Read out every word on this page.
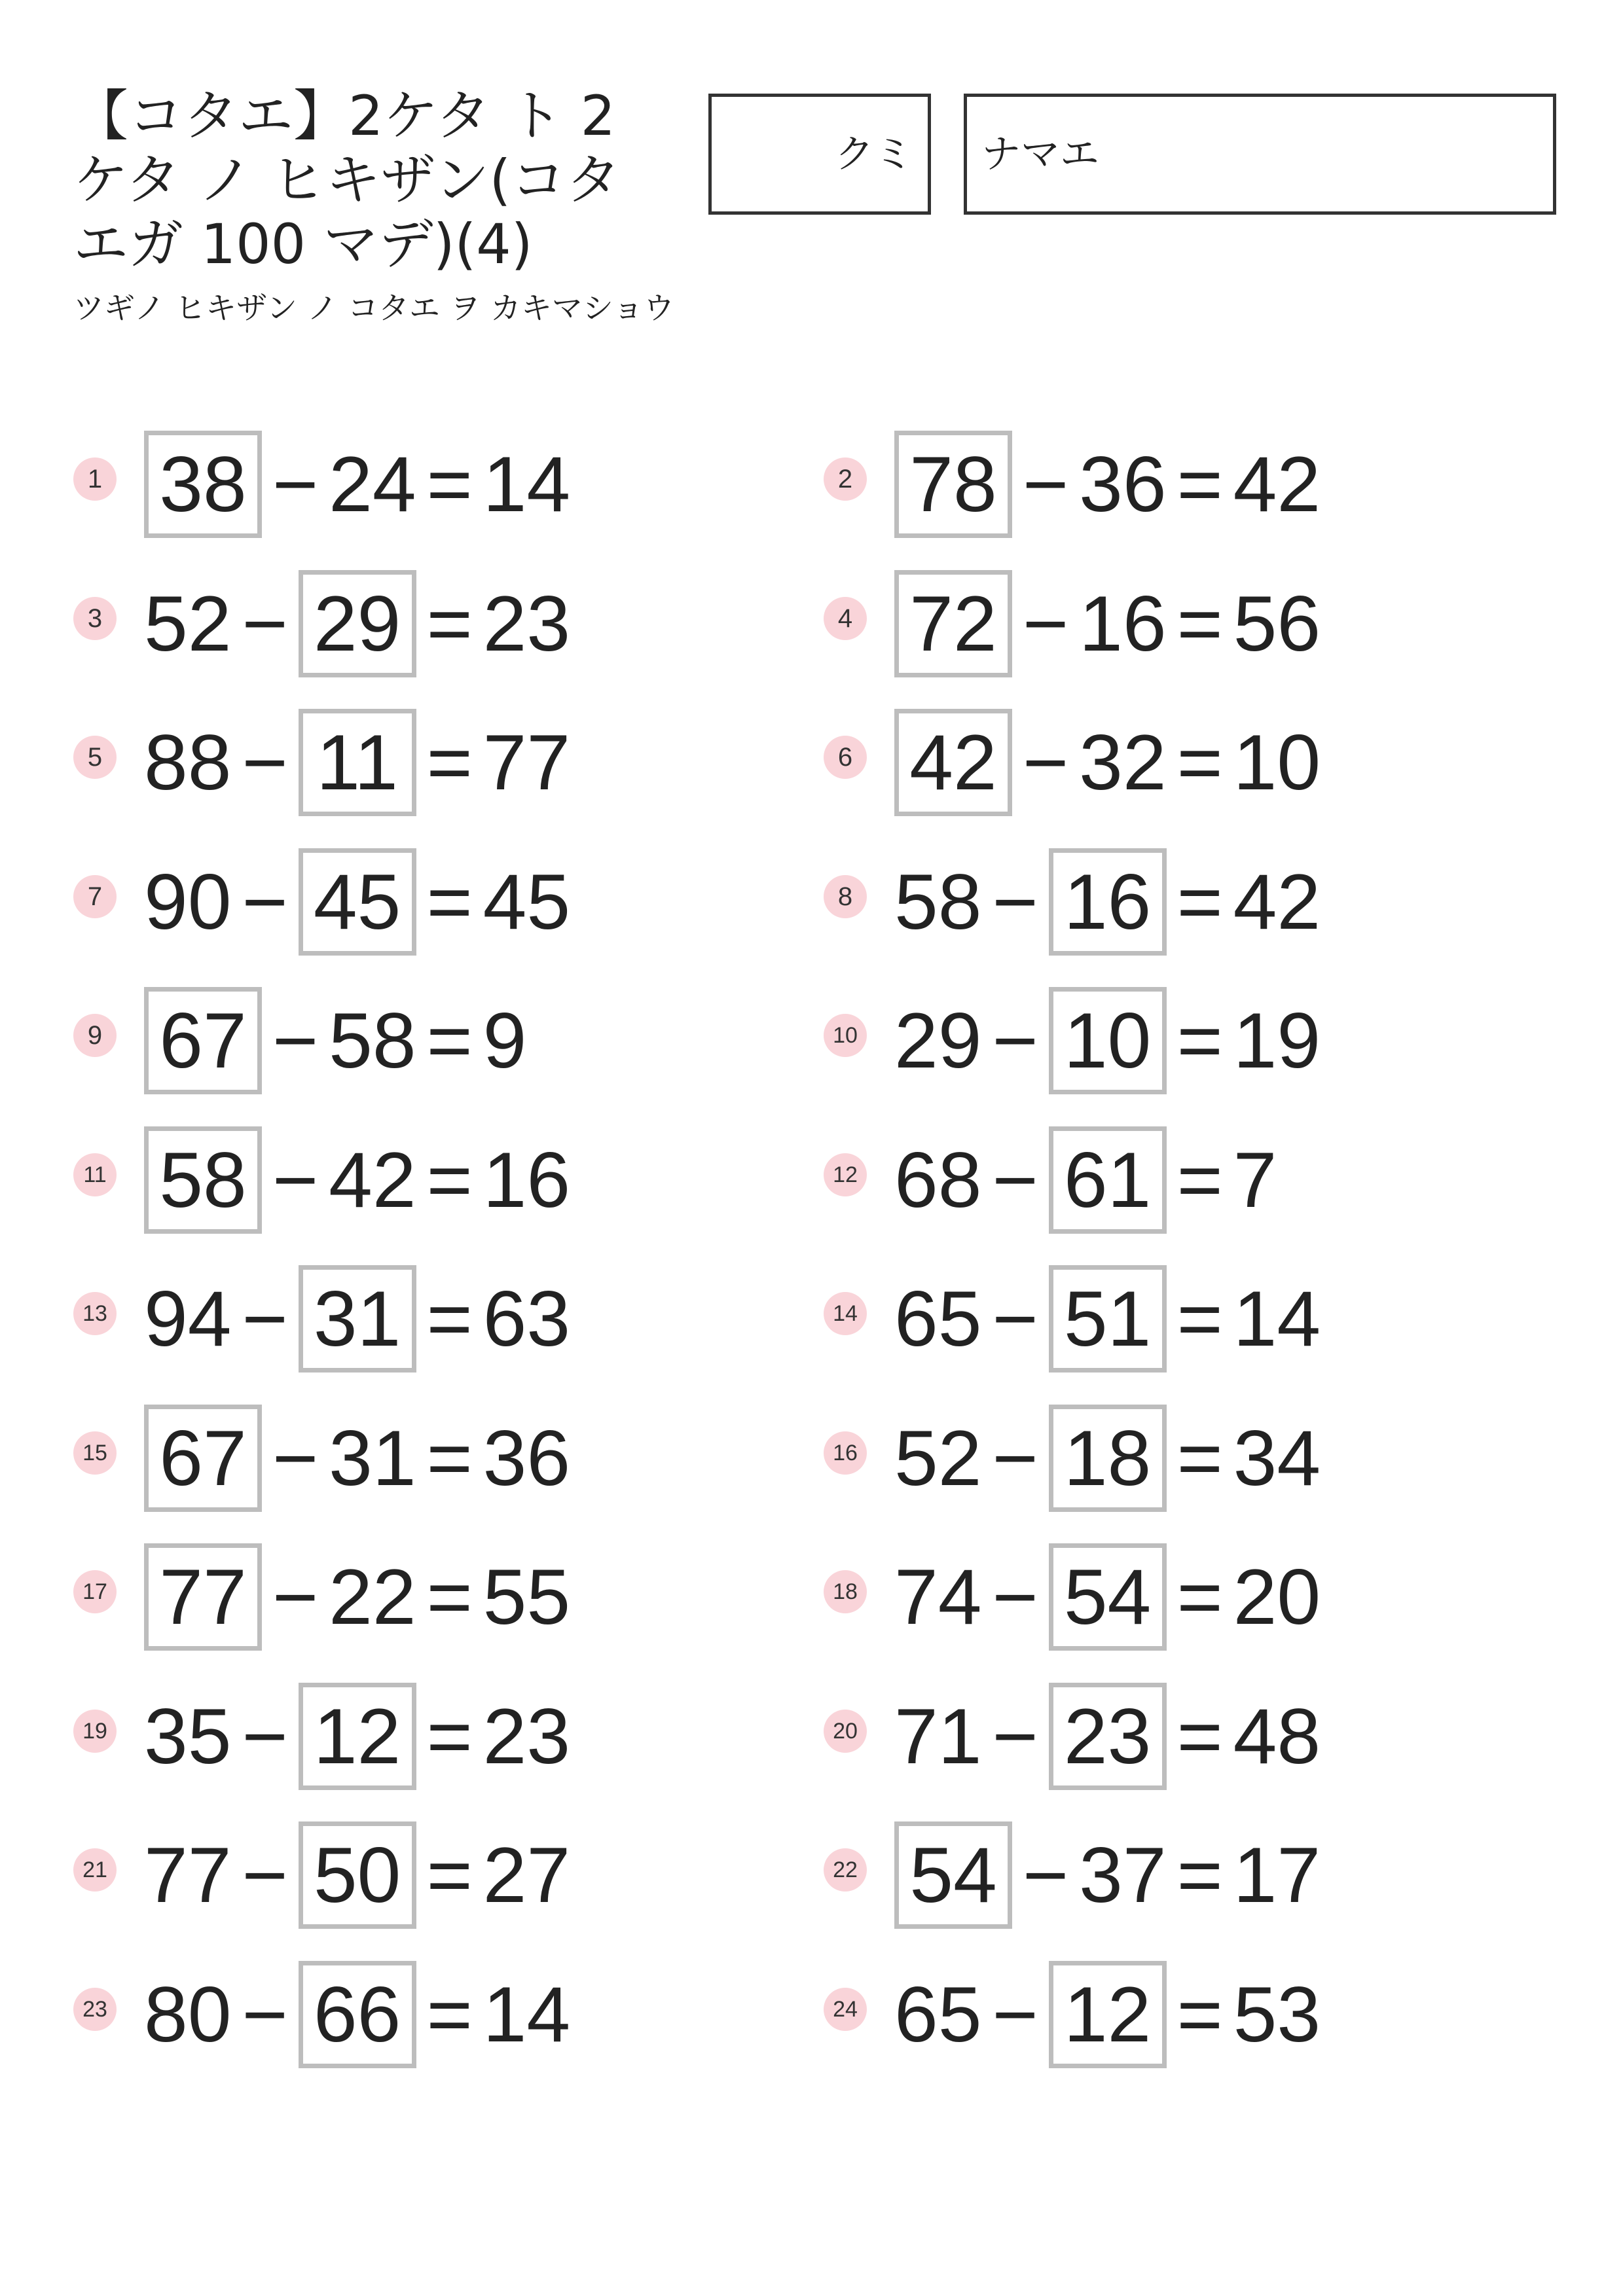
【コタエ】2ケタ ト 2ケタ ノ ヒキザン(コタエガ 100 マデ)(4)
ツギノ ヒキザン ノ コタエ ヲ カキマショウ
クミ ナマエ
1 38 − 24 = 14	2 78 − 36 = 42
3 52 − 29 = 23	4 72 − 16 = 56
5 88 − 11 = 77	6 42 − 32 = 10
7 90 − 45 = 45	8 58 − 16 = 42
9 67 − 58 = 9	10 29 − 10 = 19
11 58 − 42 = 16	12 68 − 61 = 7
13 94 − 31 = 63	14 65 − 51 = 14
15 67 − 31 = 36	16 52 − 18 = 34
17 77 − 22 = 55	18 74 − 54 = 20
19 35 − 12 = 23	20 71 − 23 = 48
21 77 − 50 = 27	22 54 − 37 = 17
23 80 − 66 = 14	24 65 − 12 = 53
